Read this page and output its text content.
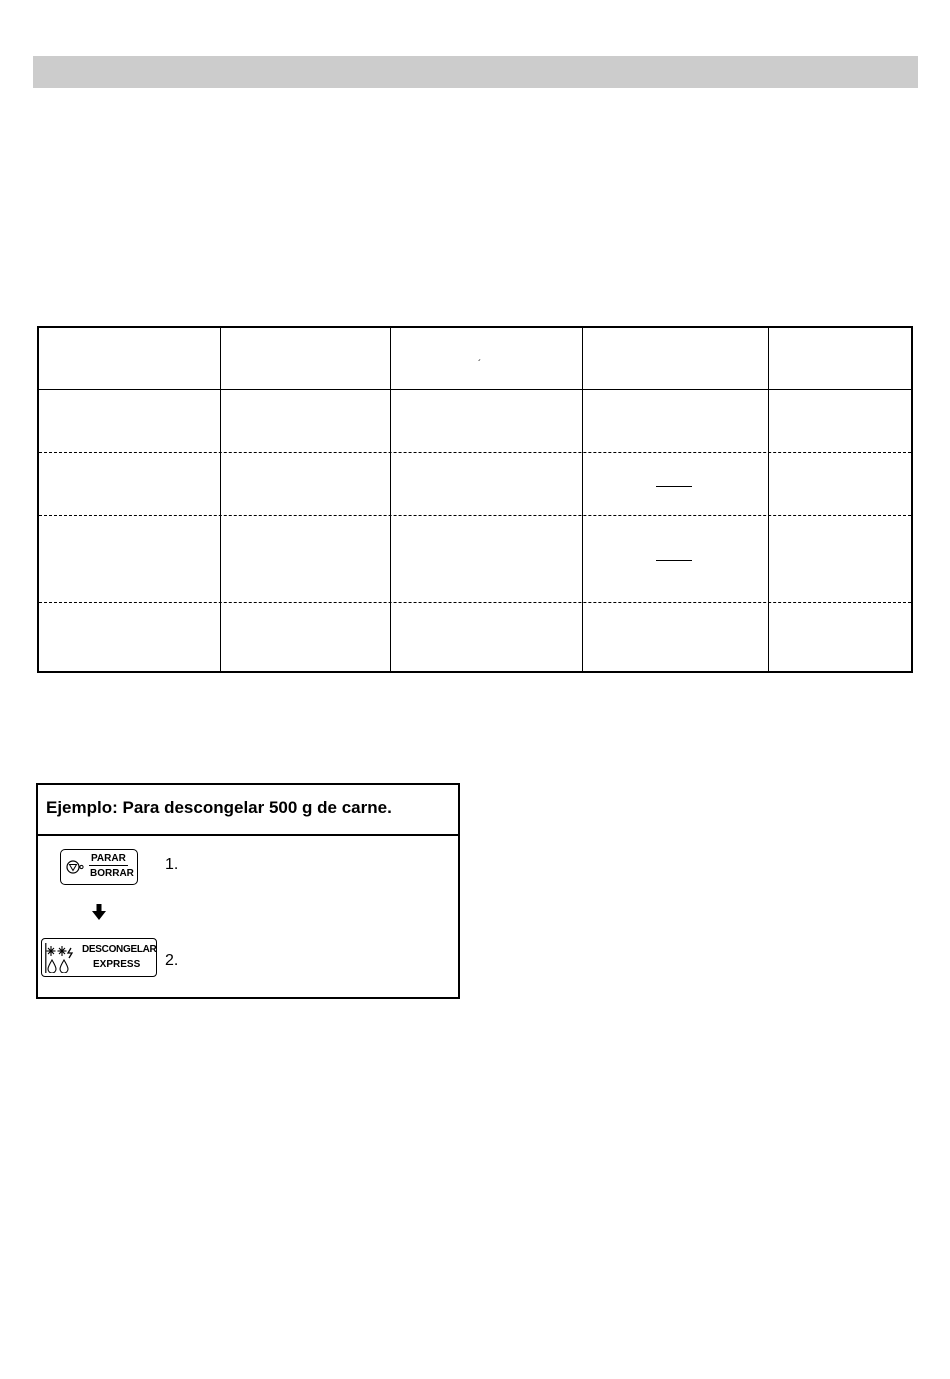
´
Ejemplo: Para descongelar 500 g de carne.
PARAR
BORRAR
1.
DESCONGELAR
EXPRESS 2.
